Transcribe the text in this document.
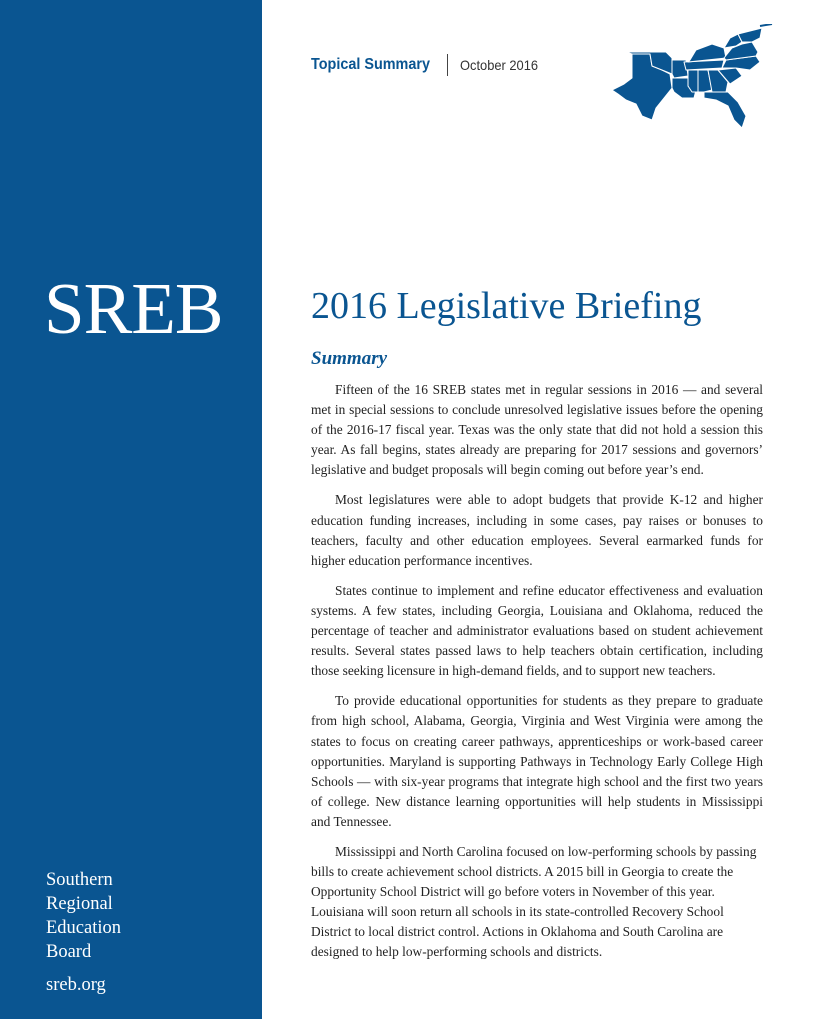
SREB
Southern
Regional
Education
Board
sreb.org
Topical Summary October 2016
2016 Legislative Briefing
Summary

Fifteen of the 16 SREB states met in regular sessions in 2016 — and several met in special sessions to conclude unresolved legislative issues before the opening of the 2016-17 fiscal year. Texas was the only state that did not hold a session this year. As fall begins, states already are preparing for 2017 sessions and governors’ legislative and budget proposals will begin coming out before year’s end.

Most legislatures were able to adopt budgets that provide K-12 and higher education funding increases, including in some cases, pay raises or bonuses to teachers, faculty and other education employees. Several earmarked funds for higher education performance incentives.

States continue to implement and refine educator effectiveness and evaluation systems. A few states, including Georgia, Louisiana and Oklahoma, reduced the percentage of teacher and administrator evaluations based on student achievement results. Several states passed laws to help teachers obtain certification, including those seeking licensure in high-demand fields, and to support new teachers.

To provide educational opportunities for students as they prepare to graduate from high school, Alabama, Georgia, Virginia and West Virginia were among the states to focus on creating career pathways, apprenticeships or work-based career opportunities. Maryland is supporting Pathways in Technology Early College High Schools — with six-year programs that integrate high school and the first two years of college. New distance learning opportunities will help students in Mississippi and Tennessee.

Mississippi and North Carolina focused on low-performing schools by passing bills to create achievement school districts. A 2015 bill in Georgia to create the Opportunity School District will go before voters in November of this year. Louisiana will soon return all schools in its state-controlled Recovery School District to local district control. Actions in Oklahoma and South Carolina are designed to help low-performing schools and districts.
